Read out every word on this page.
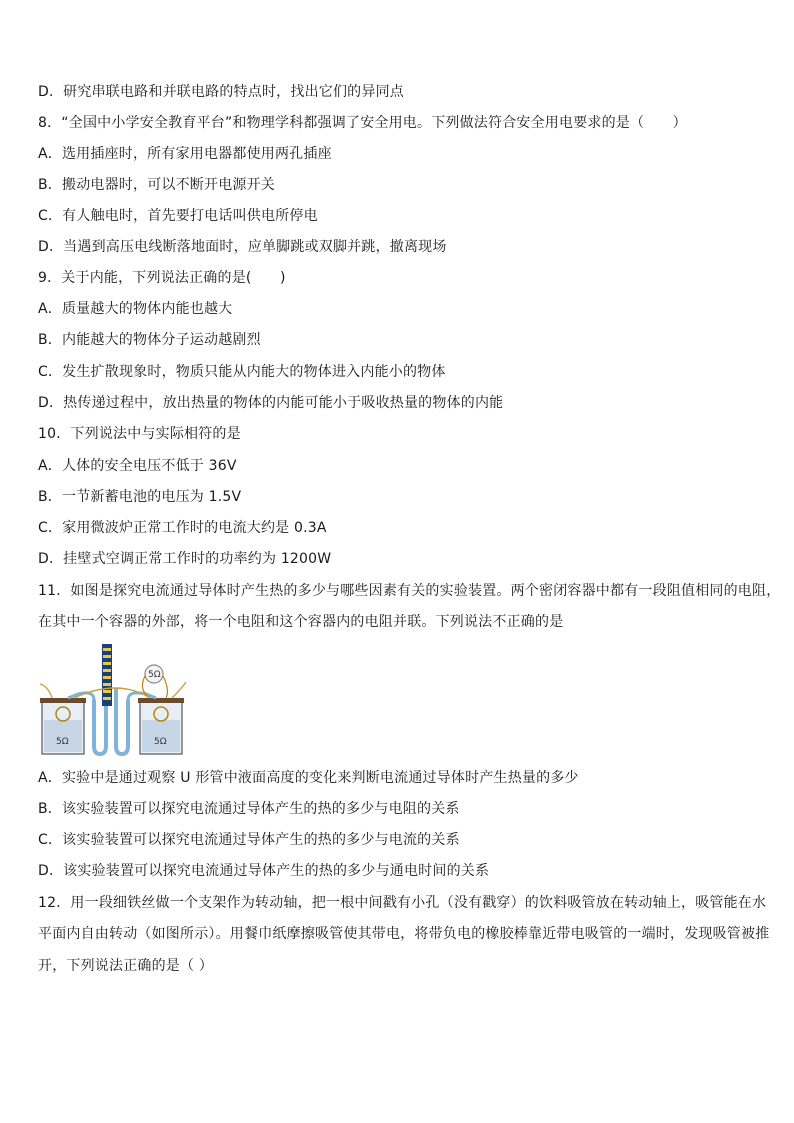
D．研究串联电路和并联电路的特点时，找出它们的异同点
8．“全国中小学安全教育平台”和物理学科都强调了安全用电。下列做法符合安全用电要求的是（　　）
A．选用插座时，所有家用电器都使用两孔插座
B．搬动电器时，可以不断开电源开关
C．有人触电时，首先要打电话叫供电所停电
D．当遇到高压电线断落地面时，应单脚跳或双脚并跳，撤离现场
9．关于内能，下列说法正确的是(　　)
A．质量越大的物体内能也越大
B．内能越大的物体分子运动越剧烈
C．发生扩散现象时，物质只能从内能大的物体进入内能小的物体
D．热传递过程中，放出热量的物体的内能可能小于吸收热量的物体的内能
10．下列说法中与实际相符的是
A．人体的安全电压不低于 36V
B．一节新蓄电池的电压为 1.5V
C．家用微波炉正常工作时的电流大约是 0.3A
D．挂壁式空调正常工作时的功率约为 1200W
11．如图是探究电流通过导体时产生热的多少与哪些因素有关的实验装置。两个密闭容器中都有一段阻值相同的电阻，
在其中一个容器的外部，将一个电阻和这个容器内的电阻并联。下列说法不正确的是
5Ω	5Ω
5Ω
A．实验中是通过观察 U 形管中液面高度的变化来判断电流通过导体时产生热量的多少
B．该实验装置可以探究电流通过导体产生的热的多少与电阻的关系
C．该实验装置可以探究电流通过导体产生的热的多少与电流的关系
D．该实验装置可以探究电流通过导体产生的热的多少与通电时间的关系
12．用一段细铁丝做一个支架作为转动轴，把一根中间戳有小孔（没有戳穿）的饮料吸管放在转动轴上，吸管能在水
平面内自由转动（如图所示）。用餐巾纸摩擦吸管使其带电，将带负电的橡胶棒靠近带电吸管的一端时，发现吸管被推
开，下列说法正确的是（ ）
